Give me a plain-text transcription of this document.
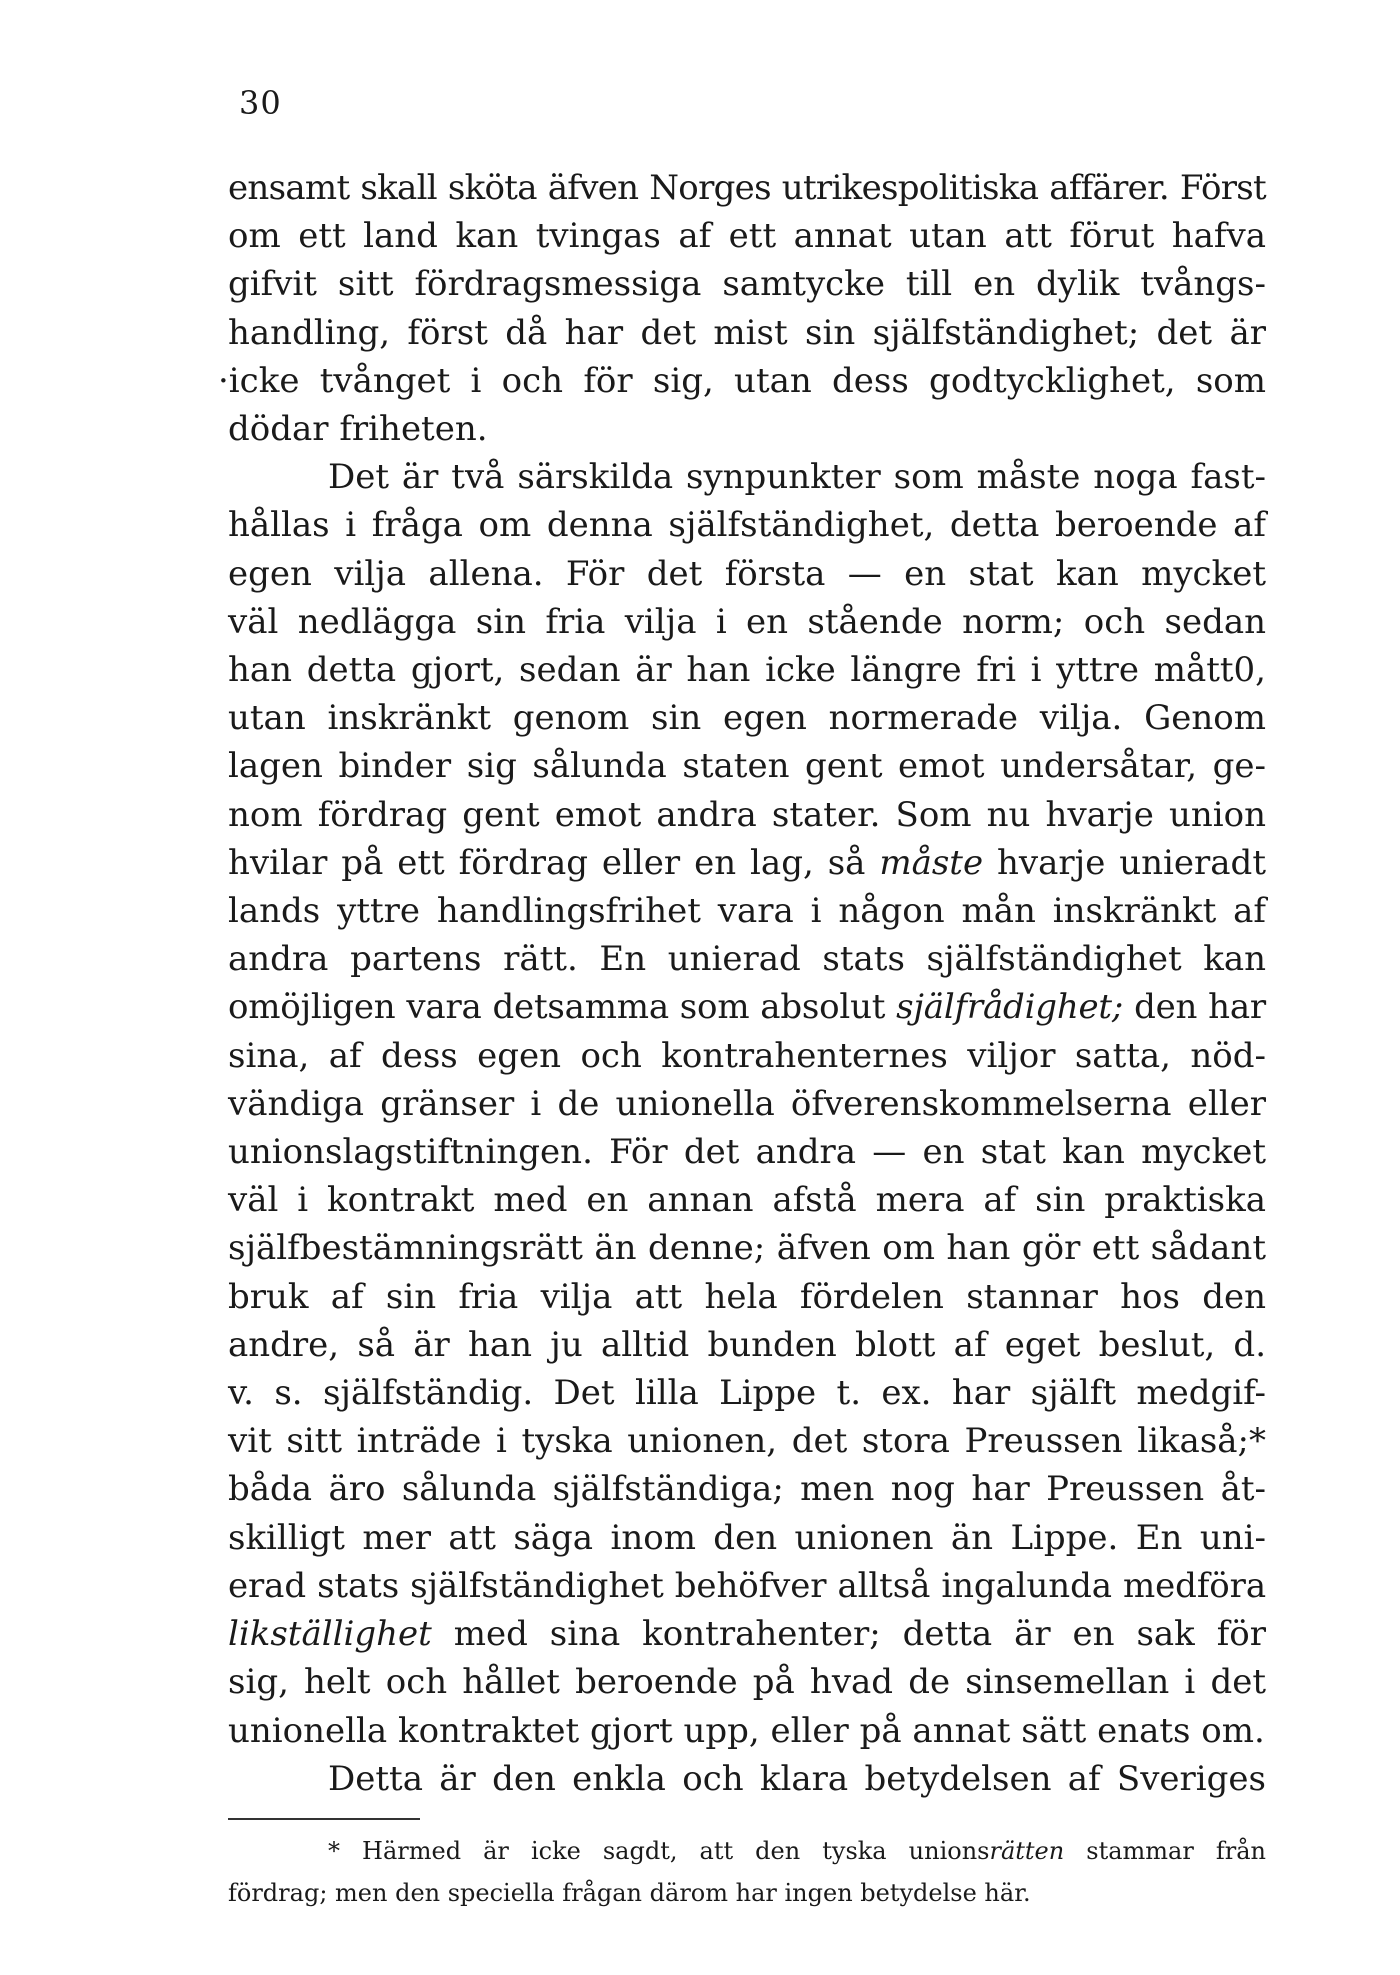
30
ensamt skall sköta äfven Norges utrikespolitiska affärer. Först
om ett land kan tvingas af ett annat utan att förut hafva
gifvit sitt fördragsmessiga samtycke till en dylik tvångs-
handling, först då har det mist sin själfständighet; det är
·icke tvånget i och för sig, utan dess godtycklighet, som
dödar friheten.
Det är två särskilda synpunkter som måste noga fast-
hållas i fråga om denna själfständighet, detta beroende af
egen vilja allena. För det första — en stat kan mycket
väl nedlägga sin fria vilja i en stående norm; och sedan
han detta gjort, sedan är han icke längre fri i yttre mått0,
utan inskränkt genom sin egen normerade vilja. Genom
lagen binder sig sålunda staten gent emot undersåtar, ge-
nom fördrag gent emot andra stater. Som nu hvarje union
hvilar på ett fördrag eller en lag, så måste hvarje unieradt
lands yttre handlingsfrihet vara i någon mån inskränkt af
andra partens rätt. En unierad stats själfständighet kan
omöjligen vara detsamma som absolut själfrådighet; den har
sina, af dess egen och kontrahenternes viljor satta, nöd-
vändiga gränser i de unionella öfverenskommelserna eller
unionslagstiftningen. För det andra — en stat kan mycket
väl i kontrakt med en annan afstå mera af sin praktiska
själfbestämningsrätt än denne; äfven om han gör ett sådant
bruk af sin fria vilja att hela fördelen stannar hos den
andre, så är han ju alltid bunden blott af eget beslut, d.
v. s. själfständig. Det lilla Lippe t. ex. har själft medgif-
vit sitt inträde i tyska unionen, det stora Preussen likaså;*
båda äro sålunda själfständiga; men nog har Preussen åt-
skilligt mer att säga inom den unionen än Lippe. En uni-
erad stats själfständighet behöfver alltså ingalunda medföra
likställighet med sina kontrahenter; detta är en sak för
sig, helt och hållet beroende på hvad de sinsemellan i det
unionella kontraktet gjort upp, eller på annat sätt enats om.
Detta är den enkla och klara betydelsen af Sveriges
* Härmed är icke sagdt, att den tyska unionsrätten stammar från
fördrag; men den speciella frågan därom har ingen betydelse här.
